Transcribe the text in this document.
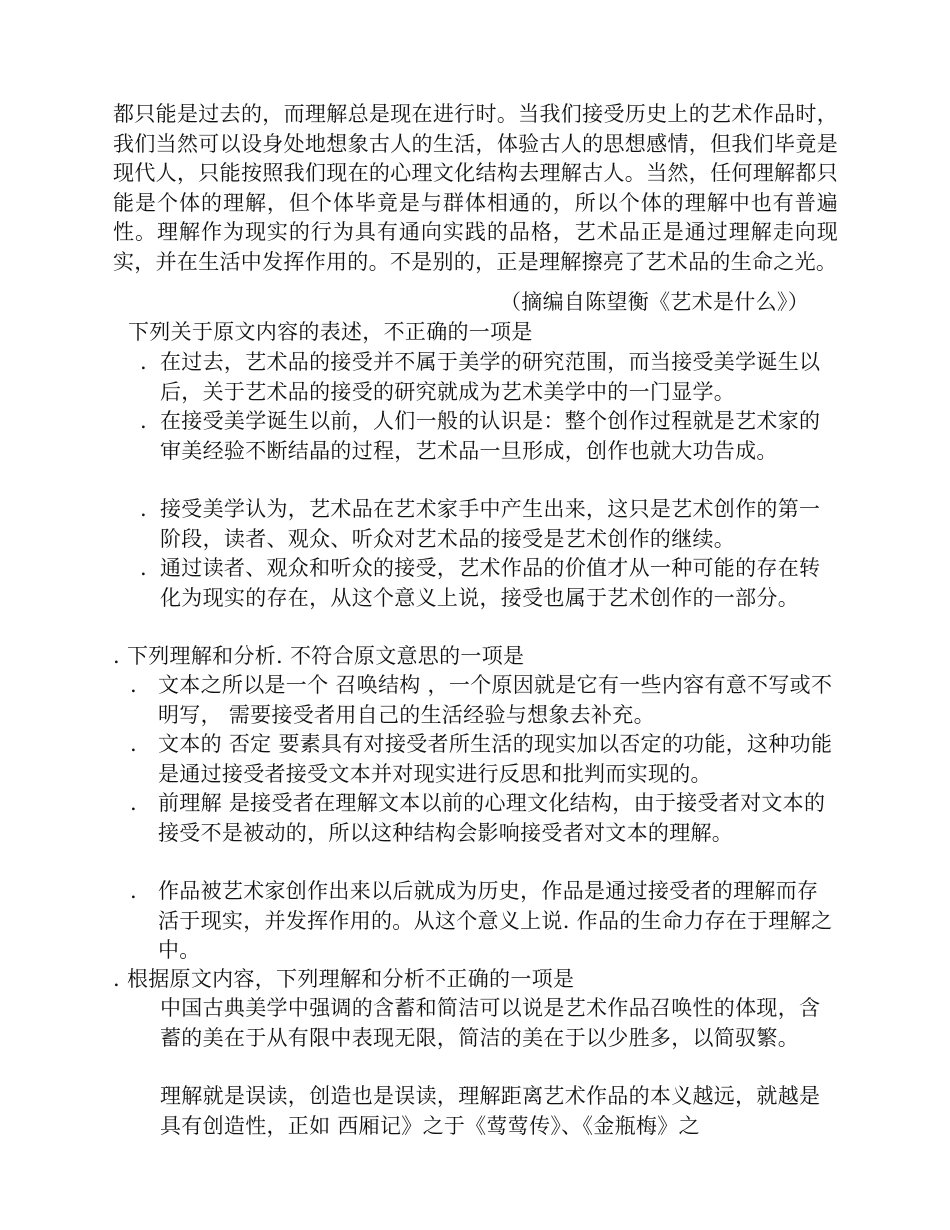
都只能是过去的，而理解总是现在进行时。当我们接受历史上的艺术作品时，我们当然可以设身处地想象古人的生活，体验古人的思想感情，但我们毕竟是现代人，只能按照我们现在的心理文化结构去理解古人。当然，任何理解都只能是个体的理解，但个体毕竟是与群体相通的，所以个体的理解中也有普遍性。理解作为现实的行为具有通向实践的品格，艺术品正是通过理解走向现实，并在生活中发挥作用的。不是别的，正是理解擦亮了艺术品的生命之光。

（摘编自陈望衡《艺术是什么》）
下列关于原文内容的表述，不正确的一项是
. 在过去，艺术品的接受并不属于美学的研究范围，而当接受美学诞生以后，关于艺术品的接受的研究就成为艺术美学中的一门显学。
. 在接受美学诞生以前，人们一般的认识是：整个创作过程就是艺术家的审美经验不断结晶的过程，艺术品一旦形成，创作也就大功告成。
. 接受美学认为，艺术品在艺术家手中产生出来，这只是艺术创作的第一阶段，读者、观众、听众对艺术品的接受是艺术创作的继续。
. 通过读者、观众和听众的接受，艺术作品的价值才从一种可能的存在转化为现实的存在，从这个意义上说，接受也属于艺术创作的一部分。
. 下列理解和分析. 不符合原文意思的一项是
.	文本之所以是一个 召唤结构 ，一个原因就是它有一些内容有意不写或不明写， 需要接受者用自己的生活经验与想象去补充。
.	文本的 否定 要素具有对接受者所生活的现实加以否定的功能，这种功能是通过接受者接受文本并对现实进行反思和批判而实现的。
.	前理解 是接受者在理解文本以前的心理文化结构，由于接受者对文本的接受不是被动的，所以这种结构会影响接受者对文本的理解。
.	作品被艺术家创作出来以后就成为历史，作品是通过接受者的理解而存活于现实，并发挥作用的。从这个意义上说. 作品的生命力存在于理解之中。
. 根据原文内容，下列理解和分析不正确的一项是
中国古典美学中强调的含蓄和简洁可以说是艺术作品召唤性的体现，含蓄的美在于从有限中表现无限，简洁的美在于以少胜多，以简驭繁。
理解就是误读，创造也是误读，理解距离艺术作品的本义越远，就越是具有创造性，正如 西厢记》之于《莺莺传》、《金瓶梅》之
